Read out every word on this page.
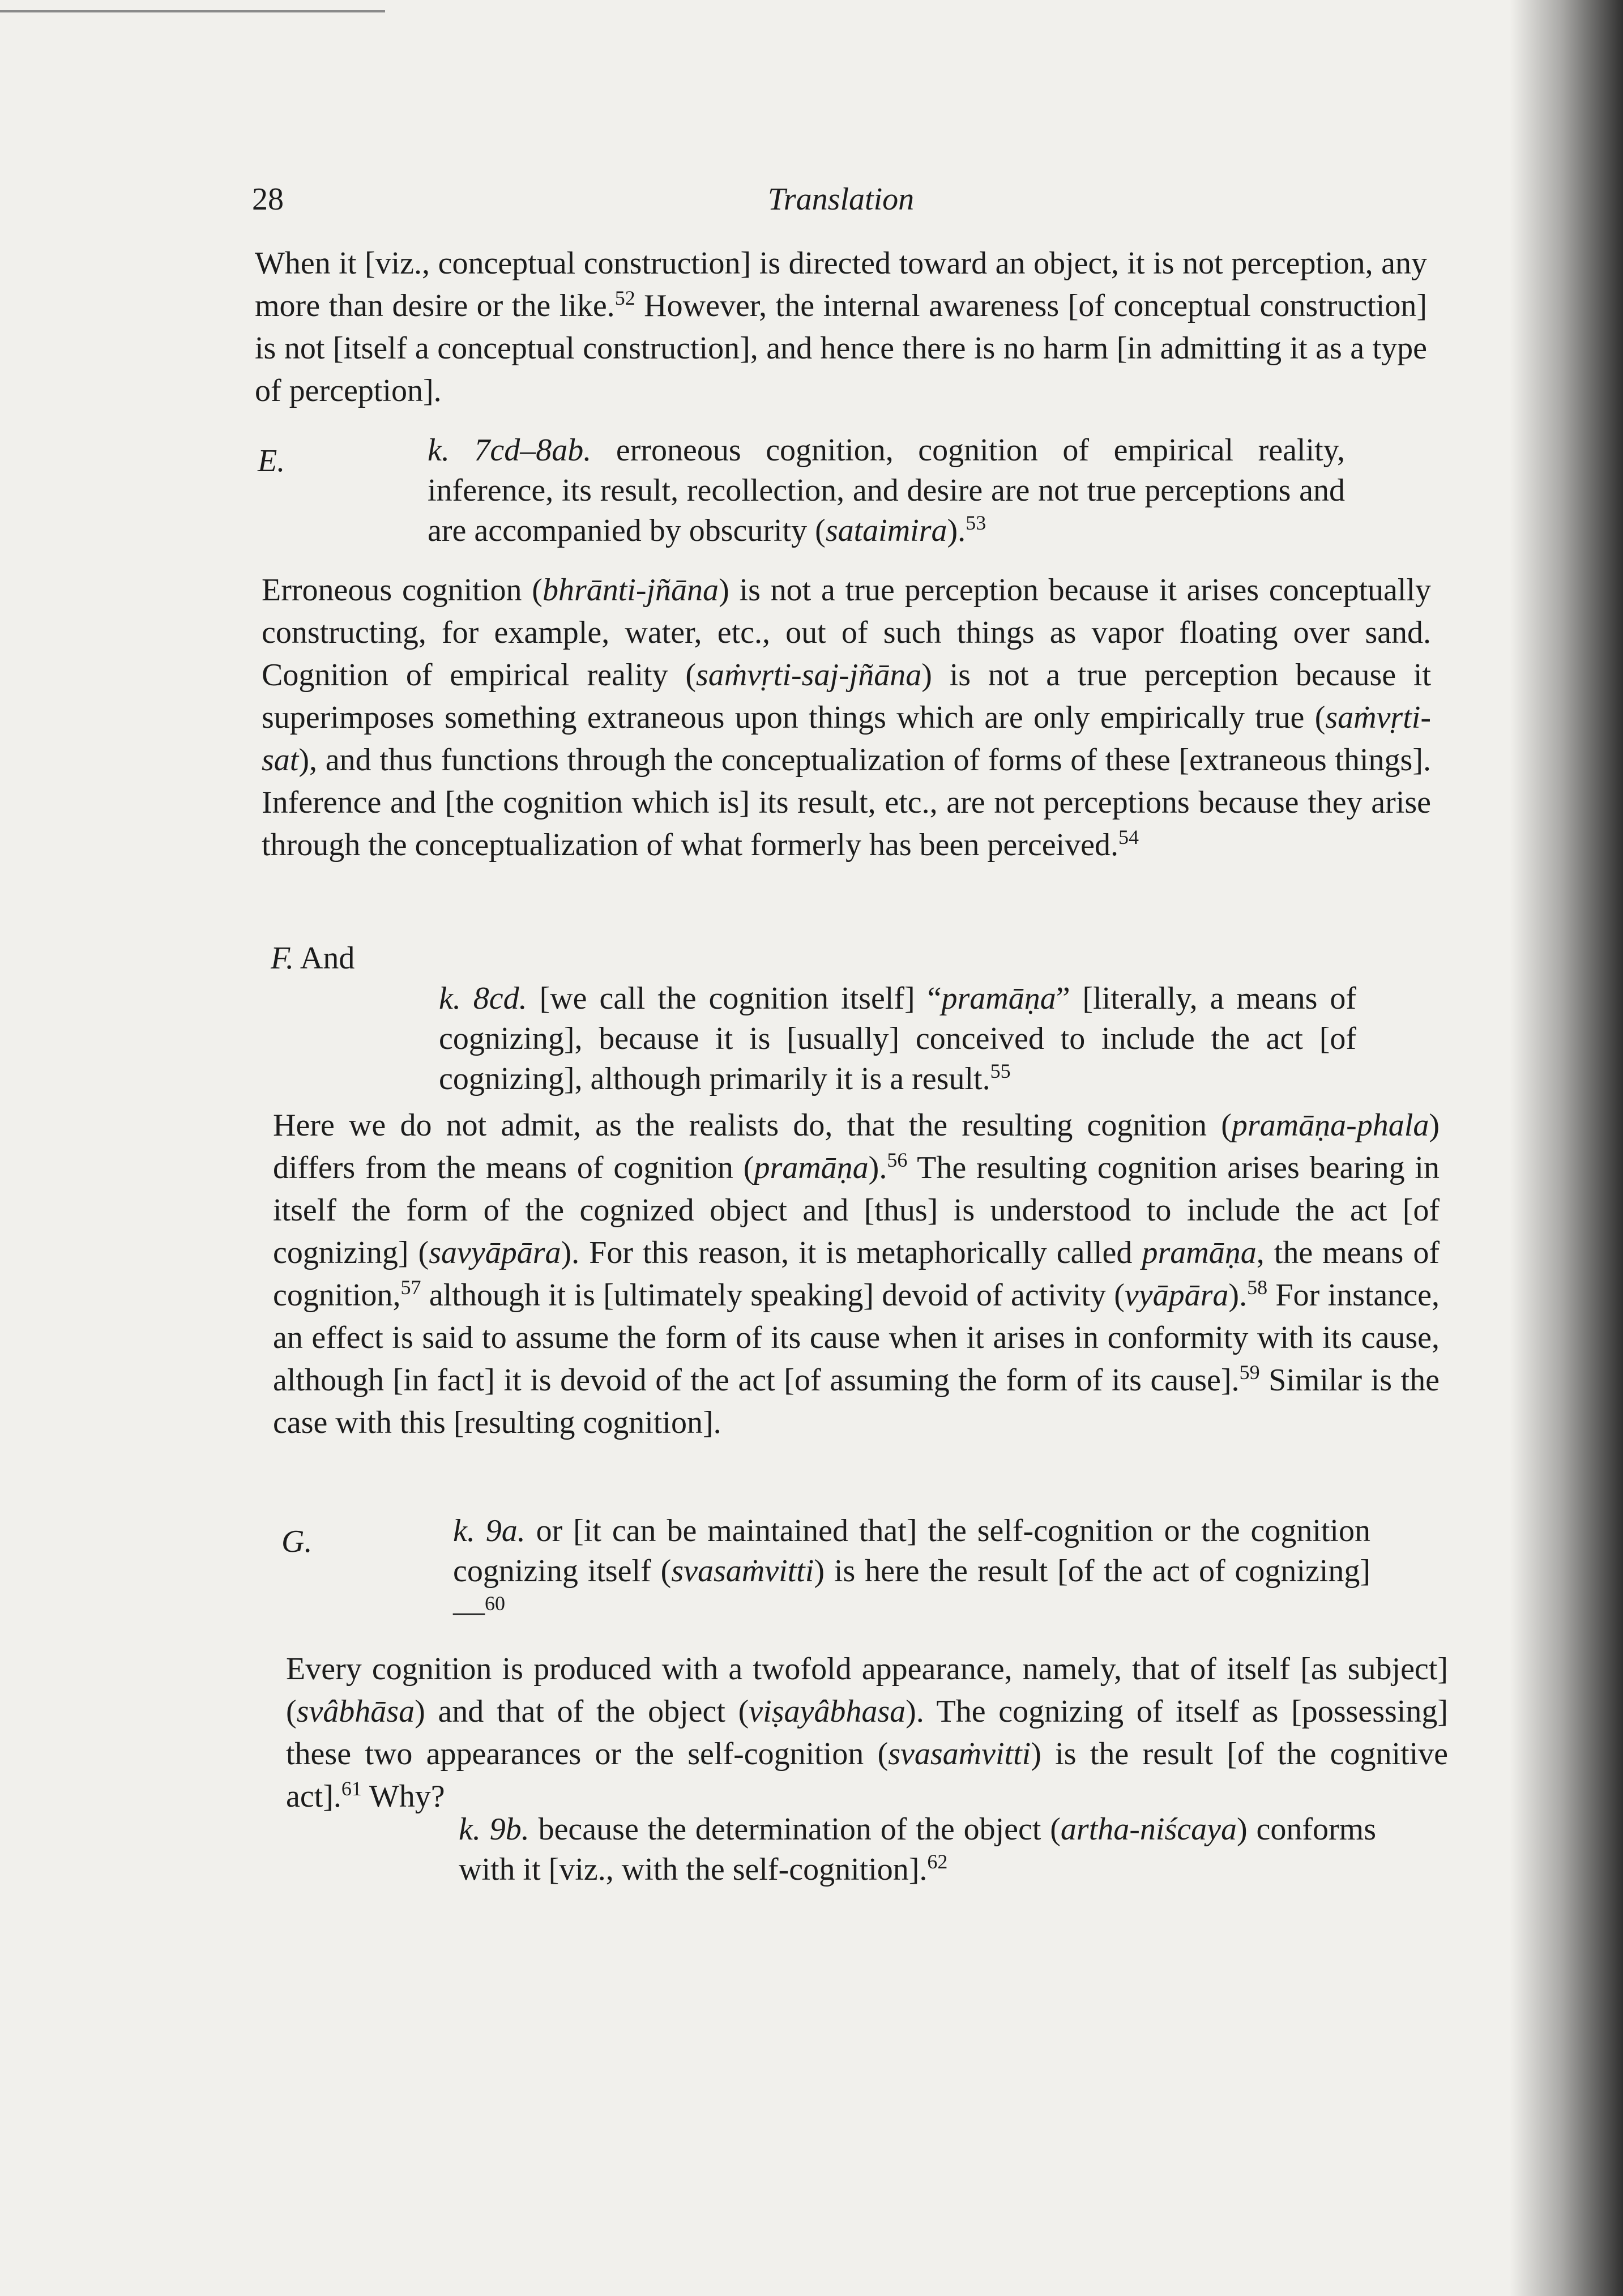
28	Translation

When it [viz., conceptual construction] is directed toward an object, it is not perception, any more than desire or the like.$^{52}$ However, the internal awareness [of conceptual construction] is not [itself a conceptual construction], and hence there is no harm [in admitting it as a type of perception].

E.	k. 7cd–8ab. erroneous cognition, cognition of empirical reality, inference, its result, recollection, and desire are not true perceptions and are accompanied by obscurity (sataimira).$^{53}$

Erroneous cognition (bhrānti-jñāna) is not a true perception because it arises conceptually constructing, for example, water, etc., out of such things as vapor floating over sand. Cognition of empirical reality (saṁvṛti-saj-jñāna) is not a true perception because it superimposes something extraneous upon things which are only empirically true (saṁvṛti-sat), and thus functions through the conceptualization of forms of these [extraneous things]. Inference and [the cognition which is] its result, etc., are not perceptions because they arise through the conceptualization of what formerly has been perceived.$^{54}$

F. And

k. 8cd. [we call the cognition itself] “pramāṇa” [literally, a means of cognizing], because it is [usually] conceived to include the act [of cognizing], although primarily it is a result.$^{55}$

Here we do not admit, as the realists do, that the resulting cognition (pramāṇa-phala) differs from the means of cognition (pramāṇa).$^{56}$ The resulting cognition arises bearing in itself the form of the cognized object and [thus] is understood to include the act [of cognizing] (savyāpāra). For this reason, it is metaphorically called pramāṇa, the means of cognition,$^{57}$ although it is [ultimately speaking] devoid of activity (vyāpāra).$^{58}$ For instance, an effect is said to assume the form of its cause when it arises in conformity with its cause, although [in fact] it is devoid of the act [of assuming the form of its cause].$^{59}$ Similar is the case with this [resulting cognition].

G.	k. 9a. or [it can be maintained that] the self-cognition or the cognition cognizing itself (svasaṁvitti) is here the result [of the act of cognizing]—$^{60}$

Every cognition is produced with a twofold appearance, namely, that of itself [as subject] (svâbhāsa) and that of the object (viṣayâbhasa). The cognizing of itself as [possessing] these two appearances or the self-cognition (svasaṁvitti) is the result [of the cognitive act].$^{61}$ Why?

k. 9b. because the determination of the object (artha-niścaya) conforms with it [viz., with the self-cognition].$^{62}$
